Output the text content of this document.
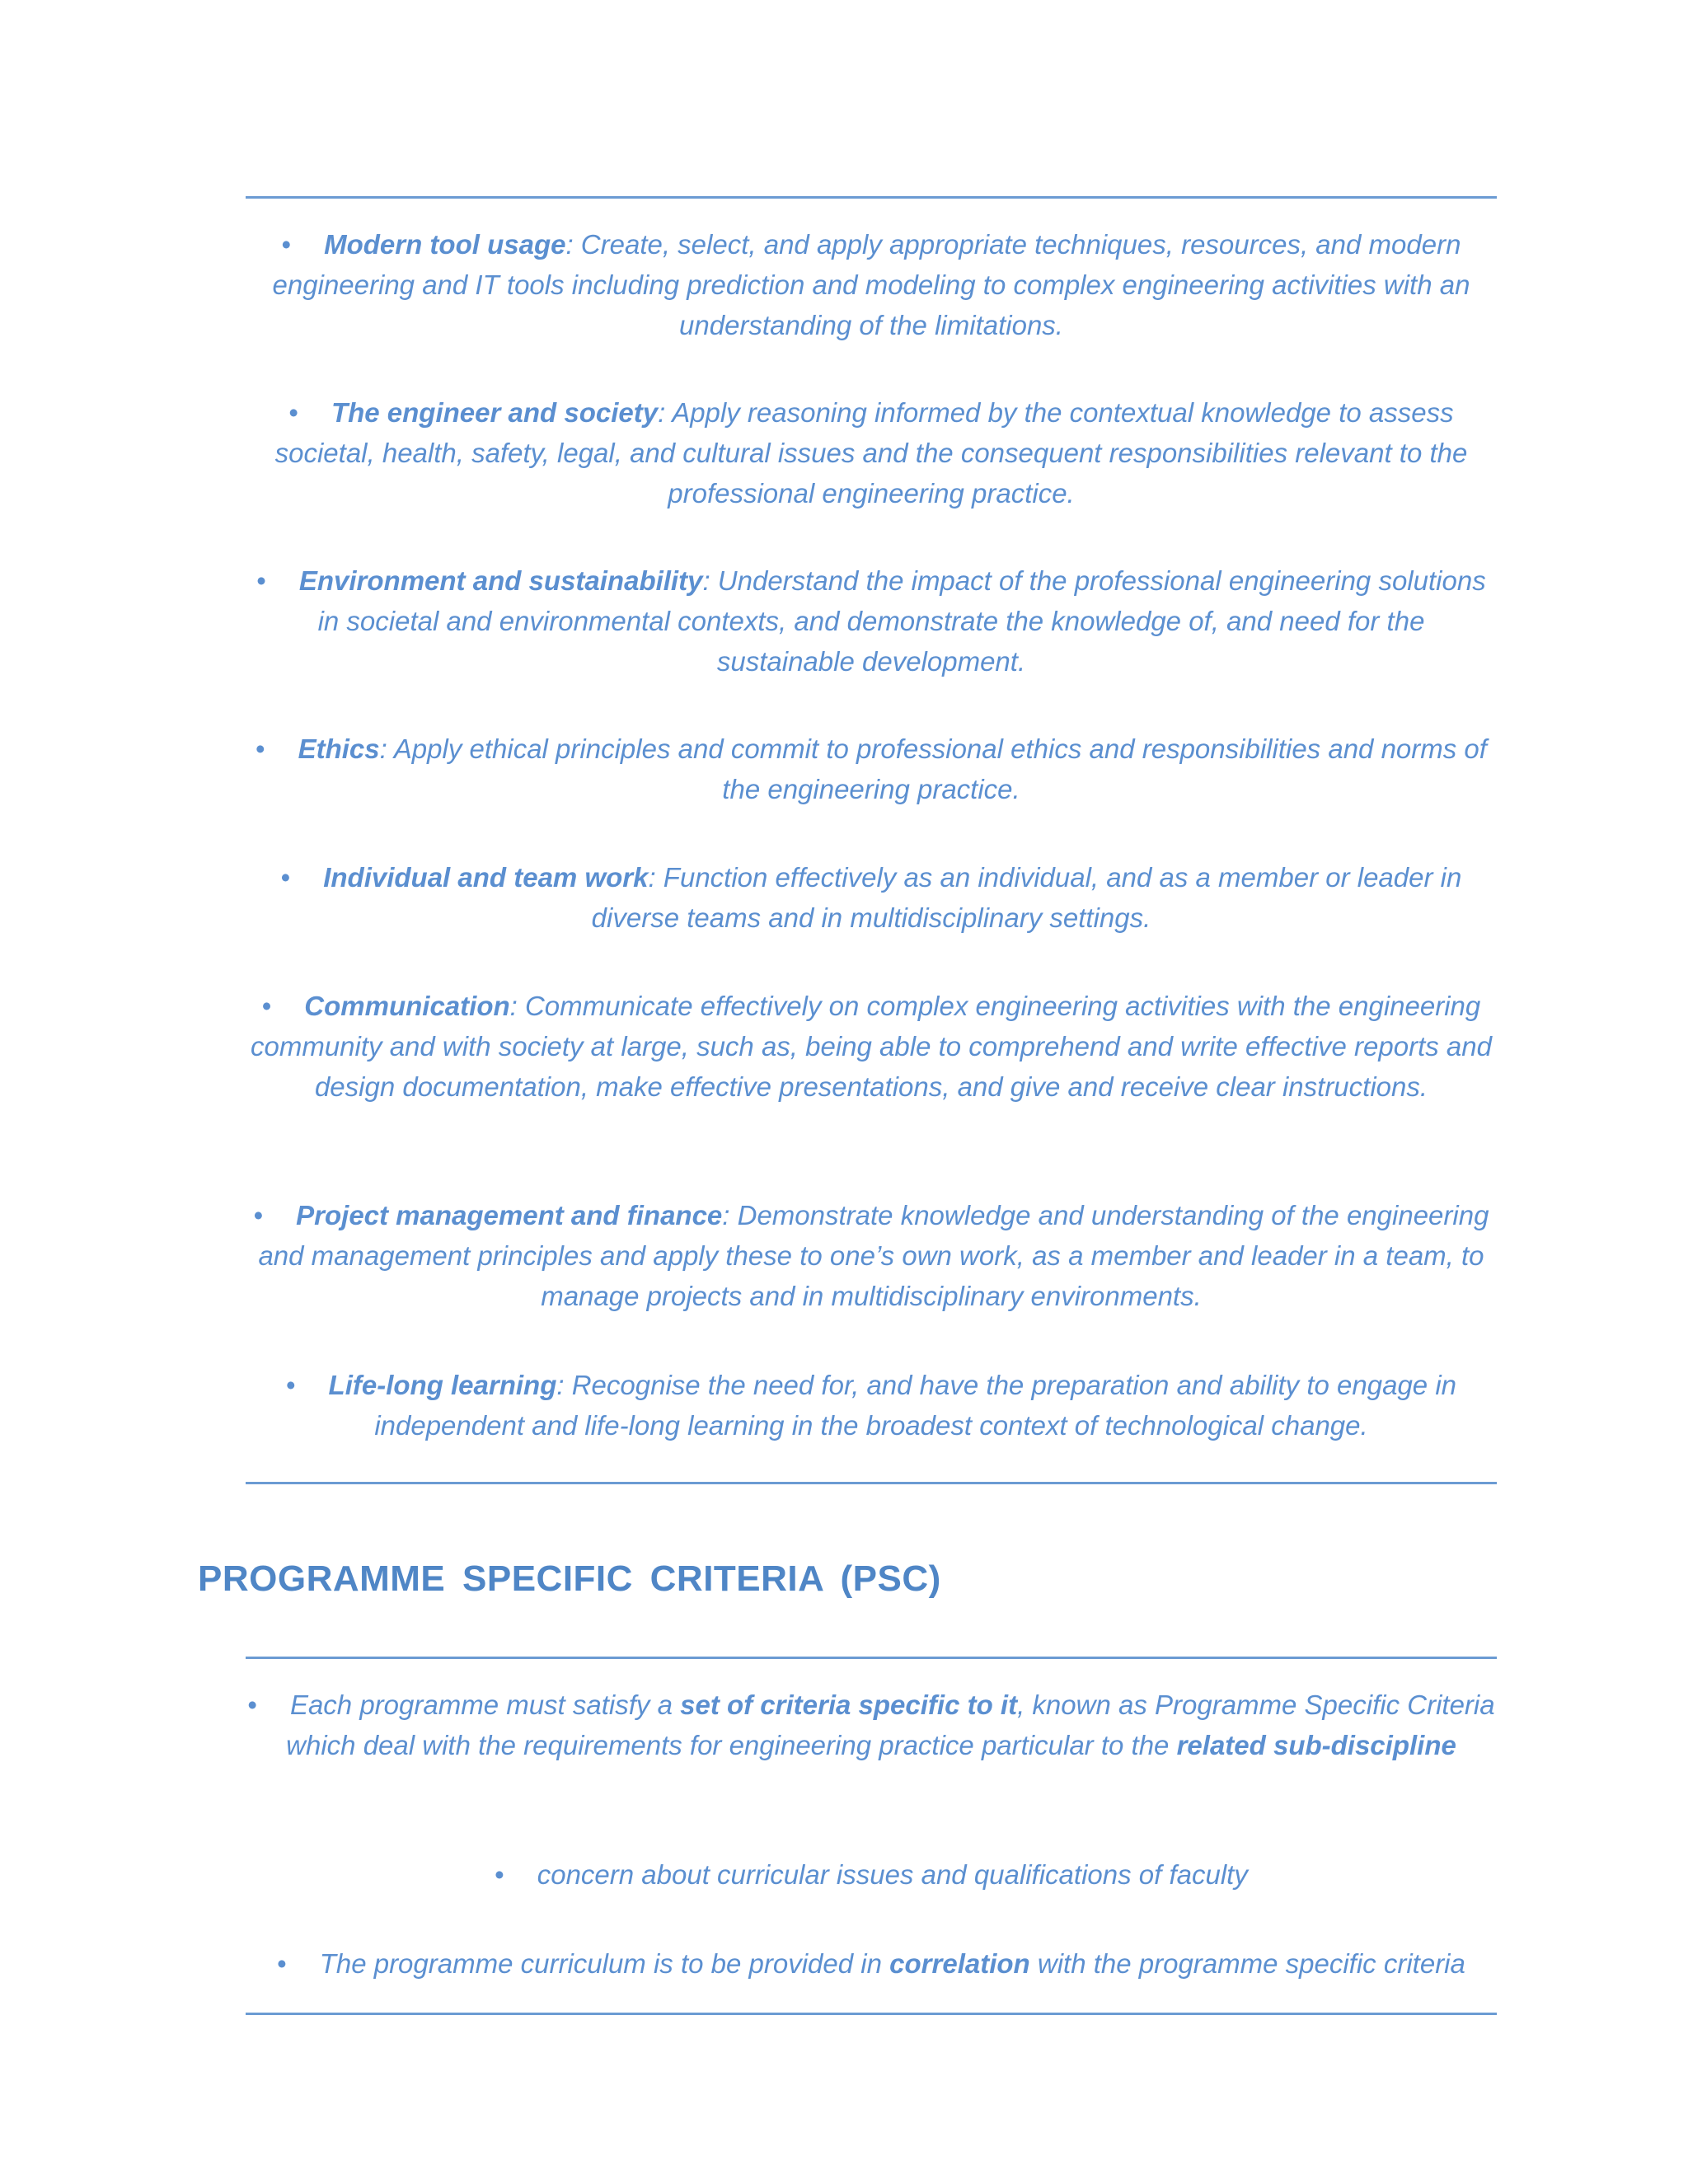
• Modern tool usage: Create, select, and apply appropriate techniques, resources, and modern engineering and IT tools including prediction and modeling to complex engineering activities with an understanding of the limitations.

• The engineer and society: Apply reasoning informed by the contextual knowledge to assess societal, health, safety, legal, and cultural issues and the consequent responsibilities relevant to the professional engineering practice.

• Environment and sustainability: Understand the impact of the professional engineering solutions in societal and environmental contexts, and demonstrate the knowledge of, and need for the sustainable development.

• Ethics: Apply ethical principles and commit to professional ethics and responsibilities and norms of the engineering practice.

• Individual and team work: Function effectively as an individual, and as a member or leader in diverse teams and in multidisciplinary settings.

• Communication: Communicate effectively on complex engineering activities with the engineering community and with society at large, such as, being able to comprehend and write effective reports and design documentation, make effective presentations, and give and receive clear instructions.

• Project management and finance: Demonstrate knowledge and understanding of the engineering and management principles and apply these to one’s own work, as a member and leader in a team, to manage projects and in multidisciplinary environments.

• Life-long learning: Recognise the need for, and have the preparation and ability to engage in independent and life-long learning in the broadest context of technological change.

PROGRAMME SPECIFIC CRITERIA (PSC)

• Each programme must satisfy a set of criteria specific to it, known as Programme Specific Criteria which deal with the requirements for engineering practice particular to the related sub-discipline

• concern about curricular issues and qualifications of faculty

• The programme curriculum is to be provided in correlation with the programme specific criteria
